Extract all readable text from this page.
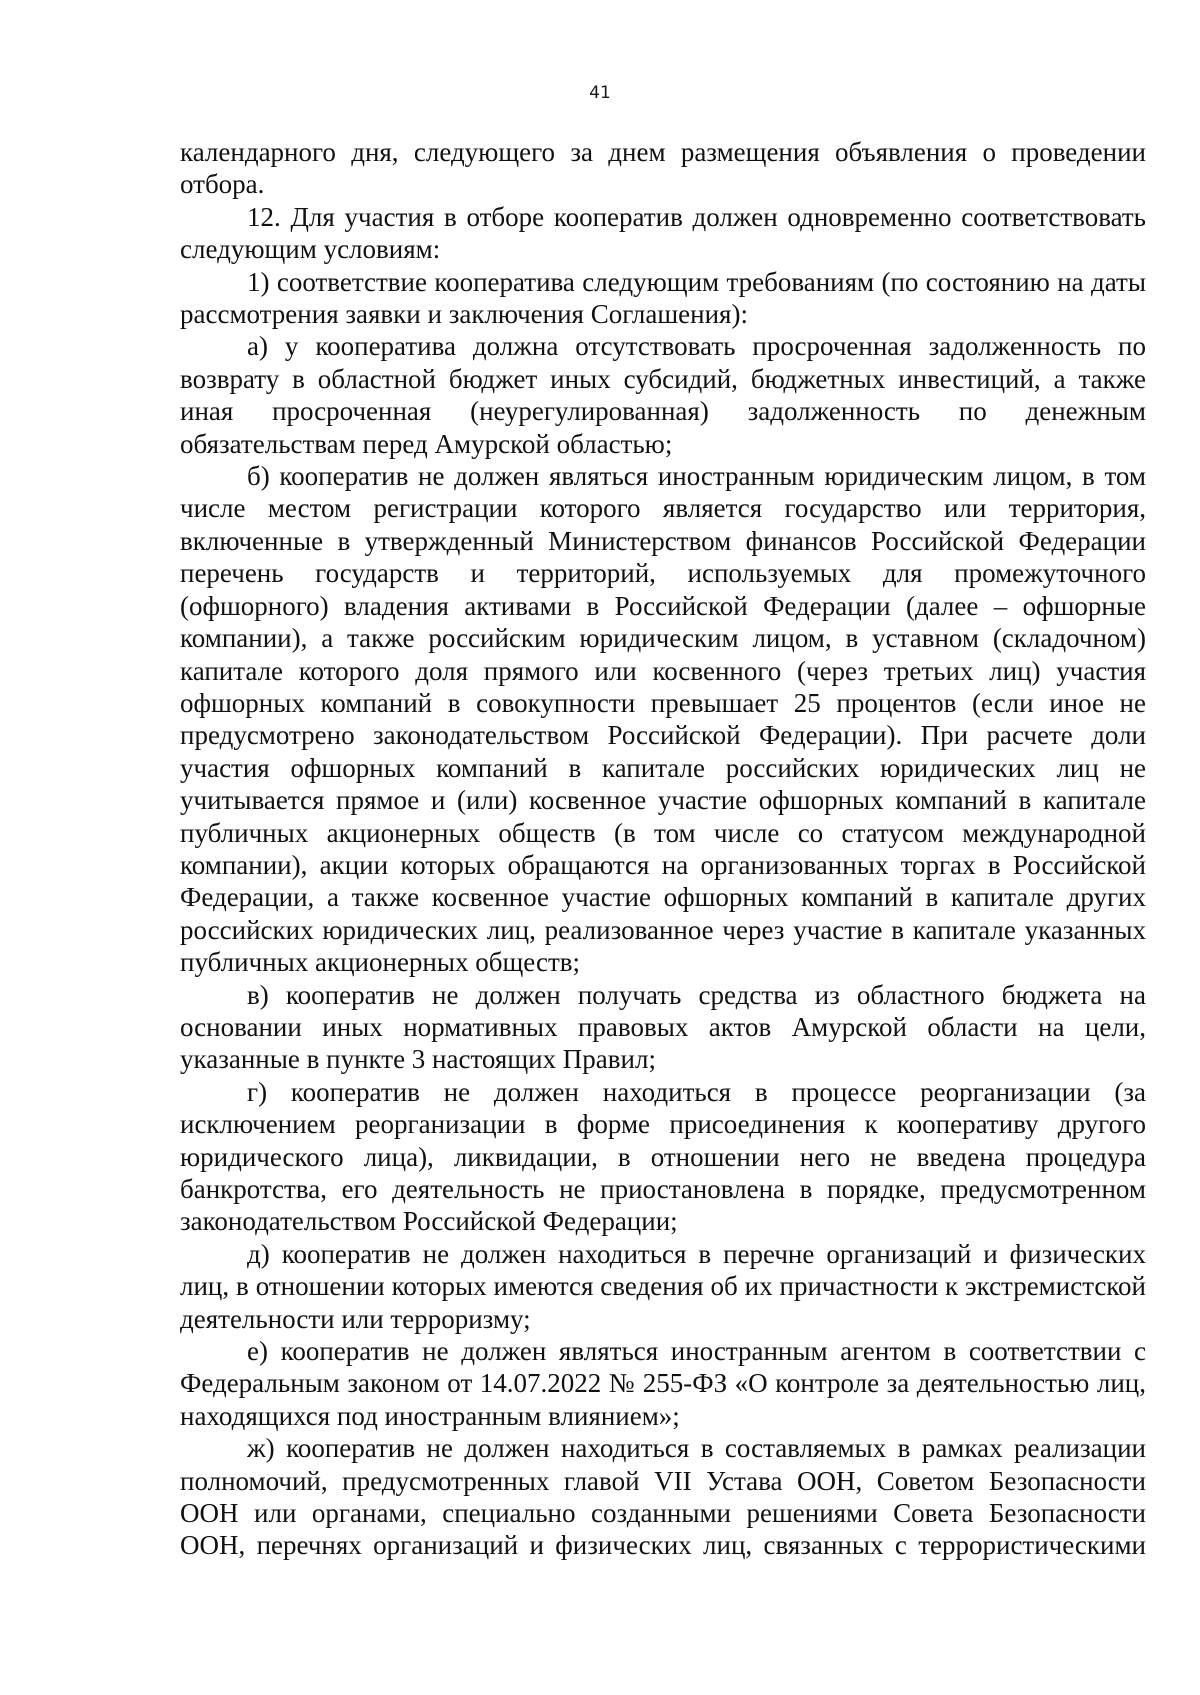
41

календарного дня, следующего за днем размещения объявления о проведении отбора.

12. Для участия в отборе кооператив должен одновременно соответствовать следующим условиям:

1) соответствие кооператива следующим требованиям (по состоянию на даты рассмотрения заявки и заключения Соглашения):

а) у кооператива должна отсутствовать просроченная задолженность по возврату в областной бюджет иных субсидий, бюджетных инвестиций, а также иная просроченная (неурегулированная) задолженность по денежным обязательствам перед Амурской областью;

б) кооператив не должен являться иностранным юридическим лицом, в том числе местом регистрации которого является государство или территория, включенные в утвержденный Министерством финансов Российской Федерации перечень государств и территорий, используемых для промежуточного (офшорного) владения активами в Российской Федерации (далее – офшорные компании), а также российским юридическим лицом, в уставном (складочном) капитале которого доля прямого или косвенного (через третьих лиц) участия офшорных компаний в совокупности превышает 25 процентов (если иное не предусмотрено законодательством Российской Федерации). При расчете доли участия офшорных компаний в капитале российских юридических лиц не учитывается прямое и (или) косвенное участие офшорных компаний в капитале публичных акционерных обществ (в том числе со статусом международной компании), акции которых обращаются на организованных торгах в Российской Федерации, а также косвенное участие офшорных компаний в капитале других российских юридических лиц, реализованное через участие в капитале указанных публичных акционерных обществ;

в) кооператив не должен получать средства из областного бюджета на основании иных нормативных правовых актов Амурской области на цели, указанные в пункте 3 настоящих Правил;

г) кооператив не должен находиться в процессе реорганизации (за исключением реорганизации в форме присоединения к кооперативу другого юридического лица), ликвидации, в отношении него не введена процедура банкротства, его деятельность не приостановлена в порядке, предусмотренном законодательством Российской Федерации;

д) кооператив не должен находиться в перечне организаций и физических лиц, в отношении которых имеются сведения об их причастности к экстремистской деятельности или терроризму;

е) кооператив не должен являться иностранным агентом в соответствии с Федеральным законом от 14.07.2022 № 255-ФЗ «О контроле за деятельностью лиц, находящихся под иностранным влиянием»;

ж) кооператив не должен находиться в составляемых в рамках реализации полномочий, предусмотренных главой VII Устава ООН, Советом Безопасности ООН или органами, специально созданными решениями Совета Безопасности ООН, перечнях организаций и физических лиц, связанных с террористическими
